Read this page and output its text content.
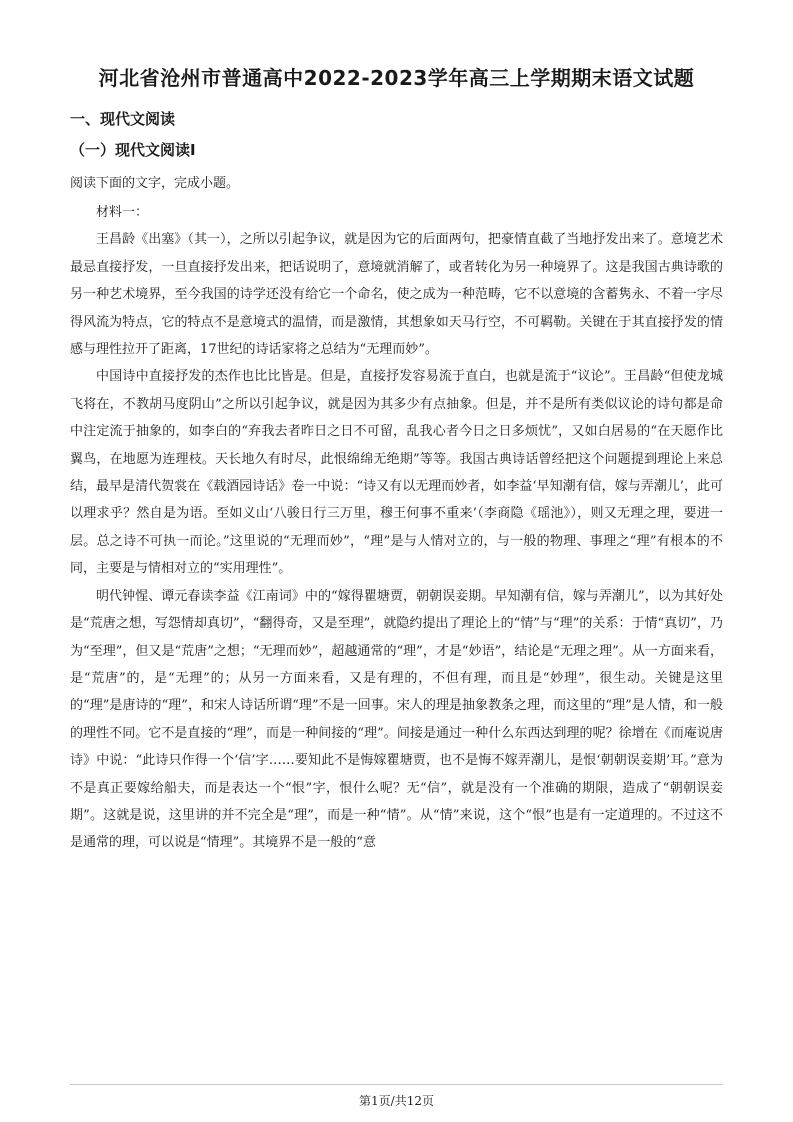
河北省沧州市普通高中2022-2023学年高三上学期期末语文试题
一、现代文阅读
（一）现代文阅读Ⅰ

阅读下面的文字，完成小题。

材料一：

王昌龄《出塞》（其一），之所以引起争议，就是因为它的后面两句，把豪情直截了当地抒发出来了。意境艺术最忌直接抒发，一旦直接抒发出来，把话说明了，意境就消解了，或者转化为另一种境界了。这是我国古典诗歌的另一种艺术境界，至今我国的诗学还没有给它一个命名，使之成为一种范畴，它不以意境的含蓄隽永、不着一字尽得风流为特点，它的特点不是意境式的温情，而是激情，其想象如天马行空，不可羁勒。关键在于其直接抒发的情感与理性拉开了距离，17世纪的诗话家将之总结为“无理而妙”。

中国诗中直接抒发的杰作也比比皆是。但是，直接抒发容易流于直白，也就是流于“议论”。王昌龄“但使龙城飞将在，不教胡马度阴山”之所以引起争议，就是因为其多少有点抽象。但是，并不是所有类似议论的诗句都是命中注定流于抽象的，如李白的“弃我去者昨日之日不可留，乱我心者今日之日多烦忧”，又如白居易的“在天愿作比翼鸟，在地愿为连理枝。天长地久有时尽，此恨绵绵无绝期”等等。我国古典诗话曾经把这个问题提到理论上来总结，最早是清代贺裳在《载酒园诗话》卷一中说：“诗又有以无理而妙者，如李益‘早知潮有信，嫁与弄潮儿’，此可以理求乎？然自是为语。至如义山‘八骏日行三万里，穆王何事不重来’（李商隐《瑶池》），则又无理之理，要进一层。总之诗不可执一而论。”这里说的“无理而妙”，“理”是与人情对立的，与一般的物理、事理之“理”有根本的不同，主要是与情相对立的“实用理性”。

明代钟惺、谭元春读李益《江南词》中的“嫁得瞿塘贾，朝朝误妾期。早知潮有信，嫁与弄潮儿”，以为其好处是“荒唐之想，写怨情却真切”，“翻得奇，又是至理”，就隐约提出了理论上的“情”与“理”的关系：于情“真切”，乃为“至理”，但又是“荒唐”之想；“无理而妙”，超越通常的“理”，才是“妙语”，结论是“无理之理”。从一方面来看，是“荒唐”的，是“无理”的；从另一方面来看，又是有理的，不但有理，而且是“妙理”，很生动。关键是这里的“理”是唐诗的“理”，和宋人诗话所谓“理”不是一回事。宋人的理是抽象教条之理，而这里的“理”是人情，和一般的理性不同。它不是直接的“理”，而是一种间接的“理”。间接是通过一种什么东西达到理的呢？徐增在《而庵说唐诗》中说：“此诗只作得一个‘信’字……要知此不是悔嫁瞿塘贾，也不是悔不嫁弄潮儿，是恨‘朝朝误妾期’耳。”意为不是真正要嫁给船夫，而是表达一个“恨”字，恨什么呢？无“信”，就是没有一个准确的期限，造成了“朝朝误妾期”。这就是说，这里讲的并不完全是“理”，而是一种“情”。从“情”来说，这个“恨”也是有一定道理的。不过这不是通常的理，可以说是“情理”。其境界不是一般的“意

第1页/共12页
